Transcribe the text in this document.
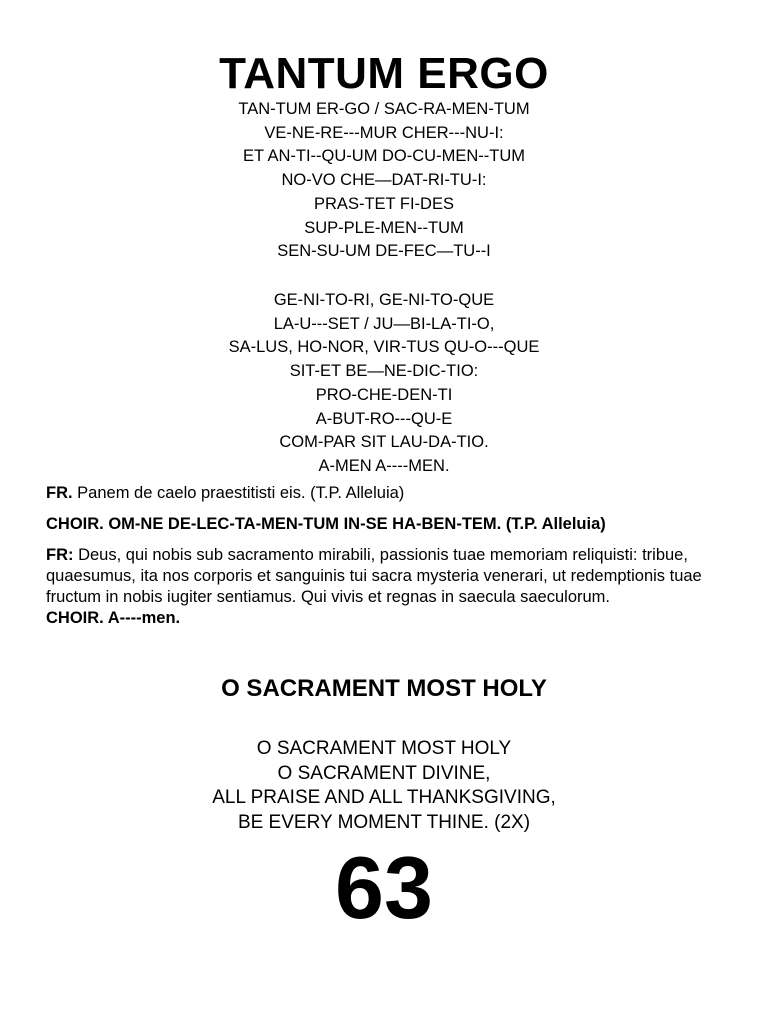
TANTUM ERGO
TAN-TUM ER-GO / SAC-RA-MEN-TUM
VE-NE-RE---MUR CHER---NU-I:
ET AN-TI--QU-UM DO-CU-MEN--TUM
NO-VO CHE—DAT-RI-TU-I:
PRAS-TET FI-DES
SUP-PLE-MEN--TUM
SEN-SU-UM DE-FEC—TU--I
GE-NI-TO-RI, GE-NI-TO-QUE
LA-U---SET / JU—BI-LA-TI-O,
SA-LUS, HO-NOR, VIR-TUS QU-O---QUE
SIT-ET BE—NE-DIC-TIO:
PRO-CHE-DEN-TI
A-BUT-RO---QU-E
COM-PAR SIT LAU-DA-TIO.
A-MEN A----MEN.
FR. Panem de caelo praestitisti eis. (T.P. Alleluia)
CHOIR. OM-NE DE-LEC-TA-MEN-TUM IN-SE HA-BEN-TEM. (T.P. Alleluia)
FR: Deus, qui nobis sub sacramento mirabili, passionis tuae memoriam reliquisti: tribue, quaesumus, ita nos corporis et sanguinis tui sacra mysteria venerari, ut redemptionis tuae fructum in nobis iugiter sentiamus. Qui vivis et regnas in saecula saeculorum.
CHOIR. A----men.
O SACRAMENT MOST HOLY
O SACRAMENT MOST HOLY
O SACRAMENT DIVINE,
ALL PRAISE AND ALL THANKSGIVING,
BE EVERY MOMENT THINE. (2X)
63
